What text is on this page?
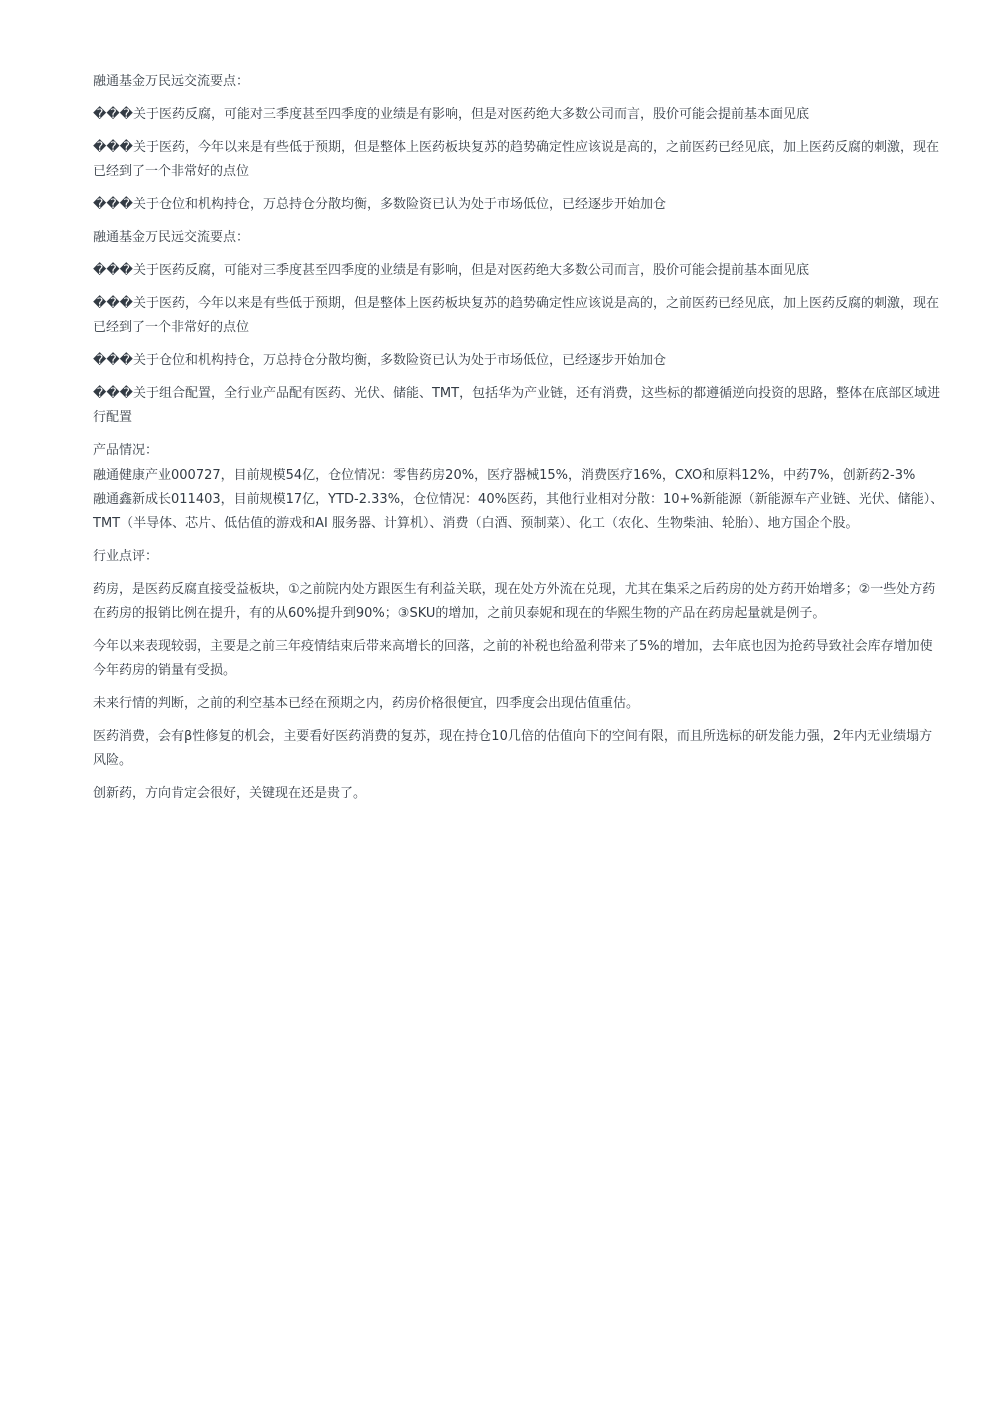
融通基金万民远交流要点：

���关于医药反腐，可能对三季度甚至四季度的业绩是有影响，但是对医药绝大多数公司而言，股价可能会提前基本面见底

���关于医药，今年以来是有些低于预期，但是整体上医药板块复苏的趋势确定性应该说是高的，之前医药已经见底，加上医药反腐的刺激，现在已经到了一个非常好的点位

���关于仓位和机构持仓，万总持仓分散均衡，多数险资已认为处于市场低位，已经逐步开始加仓

融通基金万民远交流要点：

���关于医药反腐，可能对三季度甚至四季度的业绩是有影响，但是对医药绝大多数公司而言，股价可能会提前基本面见底

���关于医药，今年以来是有些低于预期，但是整体上医药板块复苏的趋势确定性应该说是高的，之前医药已经见底，加上医药反腐的刺激，现在已经到了一个非常好的点位

���关于仓位和机构持仓，万总持仓分散均衡，多数险资已认为处于市场低位，已经逐步开始加仓

���关于组合配置，全行业产品配有医药、光伏、储能、TMT，包括华为产业链，还有消费，这些标的都遵循逆向投资的思路，整体在底部区域进行配置

产品情况：

融通健康产业000727，目前规模54亿，仓位情况：零售药房20%，医疗器械15%，消费医疗16%，CXO和原料12%，中药7%，创新药2-3%

融通鑫新成长011403，目前规模17亿，YTD-2.33%，仓位情况：40%医药，其他行业相对分散：10+%新能源（新能源车产业链、光伏、储能）、TMT（半导体、芯片、低估值的游戏和AI 服务器、计算机）、消费（白酒、预制菜）、化工（农化、生物柴油、轮胎）、地方国企个股。

行业点评：

药房，是医药反腐直接受益板块，①之前院内处方跟医生有利益关联，现在处方外流在兑现，尤其在集采之后药房的处方药开始增多；②一些处方药在药房的报销比例在提升，有的从60%提升到90%；③SKU的增加，之前贝泰妮和现在的华熙生物的产品在药房起量就是例子。

今年以来表现较弱，主要是之前三年疫情结束后带来高增长的回落，之前的补税也给盈利带来了5%的增加，去年底也因为抢药导致社会库存增加使今年药房的销量有受损。

未来行情的判断，之前的利空基本已经在预期之内，药房价格很便宜，四季度会出现估值重估。

医药消费，会有β性修复的机会，主要看好医药消费的复苏，现在持仓10几倍的估值向下的空间有限，而且所选标的研发能力强，2年内无业绩塌方风险。

创新药，方向肯定会很好，关键现在还是贵了。
